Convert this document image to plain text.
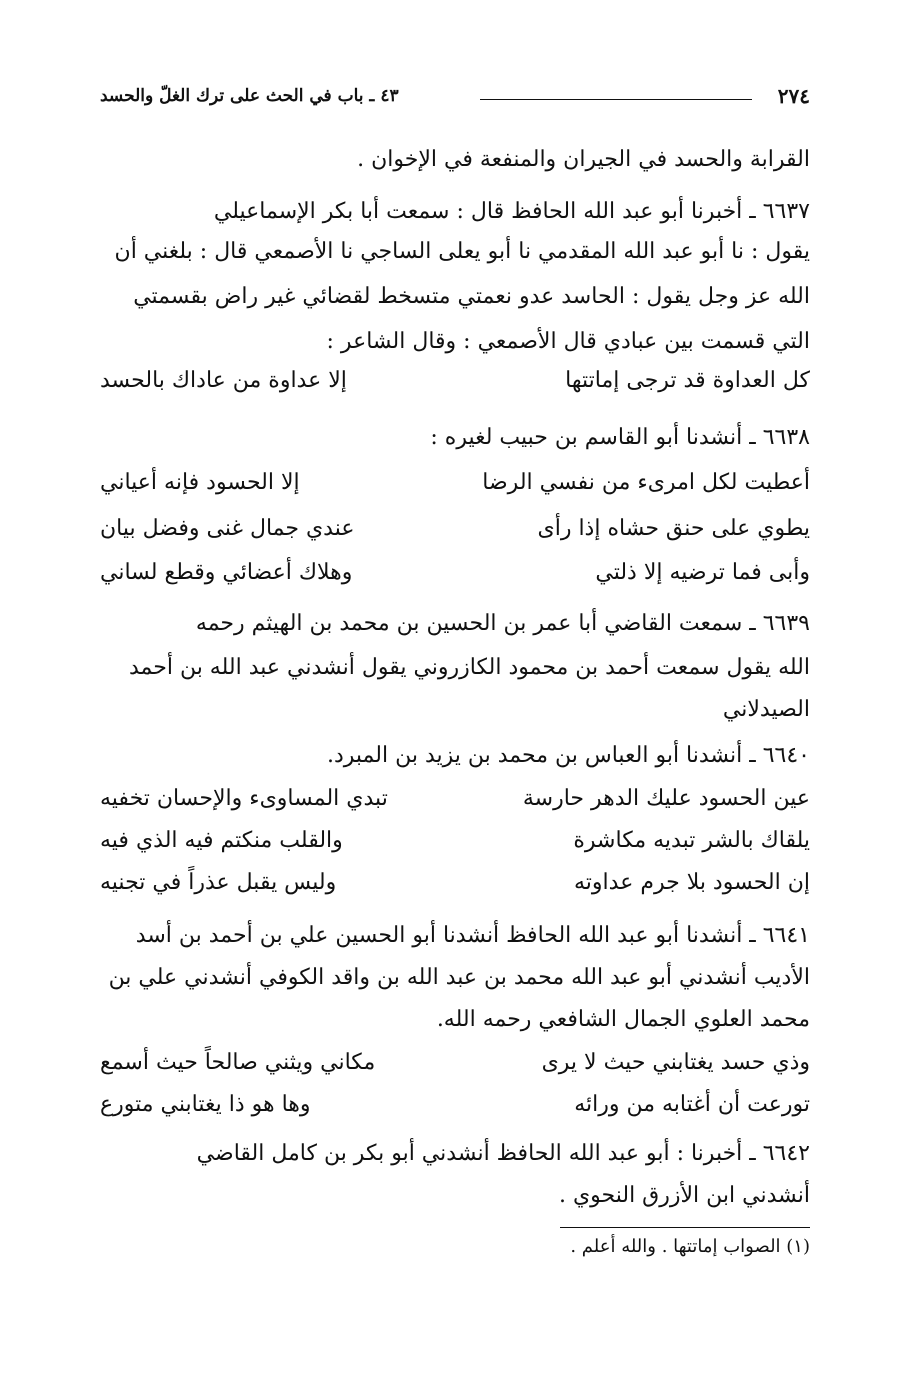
٢٧٤
٤٣ ـ باب في الحث على ترك الغلّ والحسد
القرابة والحسد في الجيران والمنفعة في الإخوان .
٦٦٣٧ ـ أخبرنا أبو عبد الله الحافظ قال : سمعت أبا بكر الإسماعيلي
يقول : نا أبو عبد الله المقدمي نا أبو يعلى الساجي نا الأصمعي قال : بلغني أن
الله عز وجل يقول : الحاسد عدو نعمتي متسخط لقضائي غير راض بقسمتي
التي قسمت بين عبادي قال الأصمعي : وقال الشاعر :
كل العداوة قد ترجى إماتتها
إلا عداوة من عاداك بالحسد
٦٦٣٨ ـ أنشدنا أبو القاسم بن حبيب لغيره :
أعطيت لكل امرىء من نفسي الرضا
إلا الحسود فإنه أعياني
يطوي على حنق حشاه إذا رأى
عندي جمال غنى وفضل بيان
وأبى فما ترضيه إلا ذلتي
وهلاك أعضائي وقطع لساني
٦٦٣٩ ـ سمعت القاضي أبا عمر بن الحسين بن محمد بن الهيثم رحمه
الله يقول سمعت أحمد بن محمود الكازروني يقول أنشدني عبد الله بن أحمد
الصيدلاني
٦٦٤٠ ـ أنشدنا أبو العباس بن محمد بن يزيد بن المبرد.
عين الحسود عليك الدهر حارسة
تبدي المساوىء والإحسان تخفيه
يلقاك بالشر تبديه مكاشرة
والقلب منكتم فيه الذي فيه
إن الحسود بلا جرم عداوته
وليس يقبل عذراً في تجنيه
٦٦٤١ ـ أنشدنا أبو عبد الله الحافظ أنشدنا أبو الحسين علي بن أحمد بن أسد
الأديب أنشدني أبو عبد الله محمد بن عبد الله بن واقد الكوفي أنشدني علي بن
محمد العلوي الجمال الشافعي رحمه الله.
وذي حسد يغتابني حيث لا يرى
مكاني ويثني صالحاً حيث أسمع
تورعت أن أغتابه من ورائه
وها هو ذا يغتابني متورع
٦٦٤٢ ـ أخبرنا : أبو عبد الله الحافظ أنشدني أبو بكر بن كامل القاضي
أنشدني ابن الأزرق النحوي .
(١) الصواب إماتتها . والله أعلم .
